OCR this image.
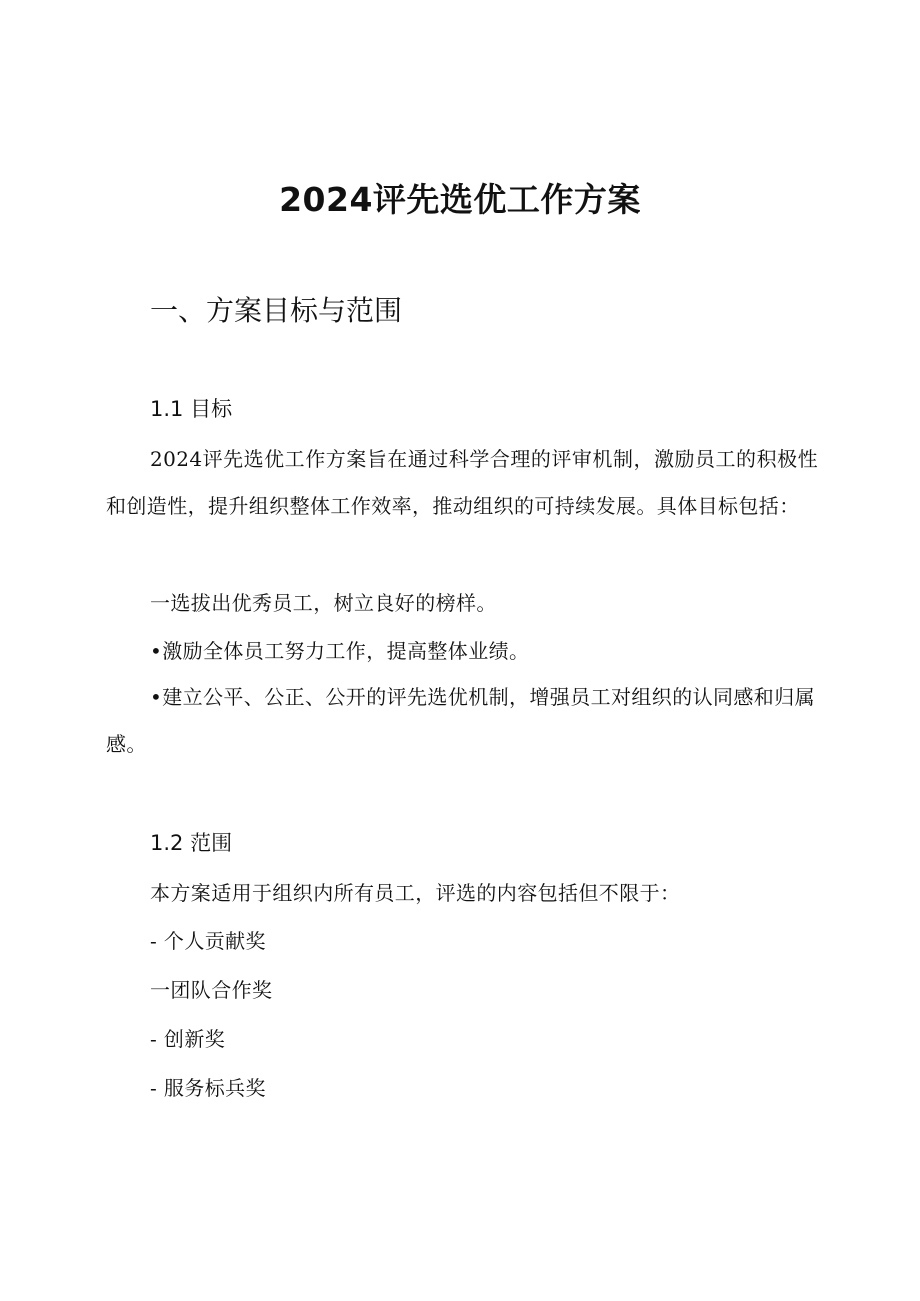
2024评先选优工作方案
一、方案目标与范围
1.1 目标

2024评先选优工作方案旨在通过科学合理的评审机制，激励员工的积极性和创造性，提升组织整体工作效率，推动组织的可持续发展。具体目标包括：

一选拔出优秀员工，树立良好的榜样。
•激励全体员工努力工作，提高整体业绩。

•建立公平、公正、公开的评先选优机制，增强员工对组织的认同感和归属感。

1.2 范围
本方案适用于组织内所有员工，评选的内容包括但不限于：
- 个人贡献奖
一团队合作奖
- 创新奖
- 服务标兵奖
